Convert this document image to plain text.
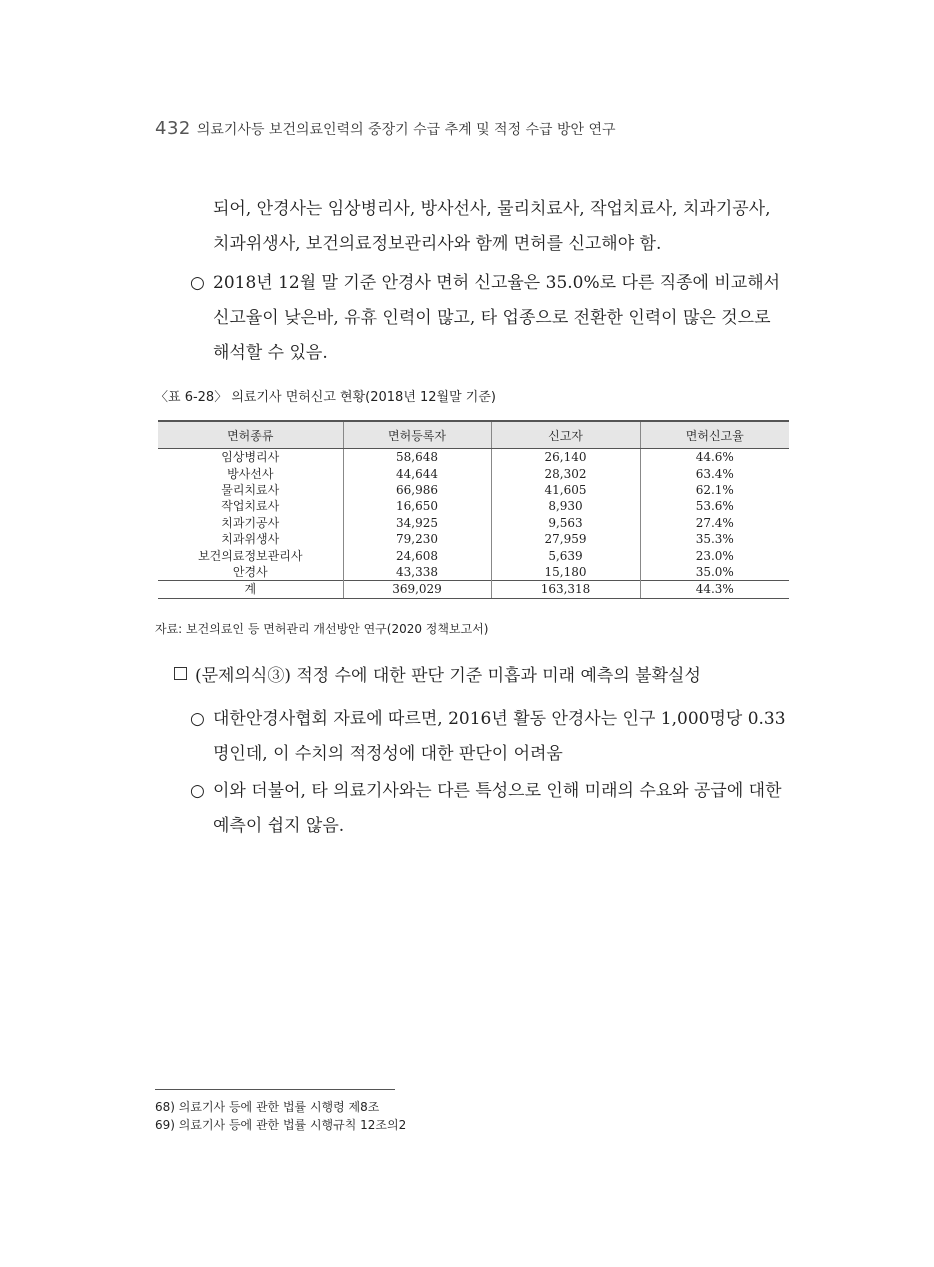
432 의료기사등 보건의료인력의 중장기 수급 추계 및 적정 수급 방안 연구
되어, 안경사는 임상병리사, 방사선사, 물리치료사, 작업치료사, 치과기공사,
치과위생사, 보건의료정보관리사와 함께 면허를 신고해야 함.
○ 2018년 12월 말 기준 안경사 면허 신고율은 35.0%로 다른 직종에 비교해서
신고율이 낮은바, 유휴 인력이 많고, 타 업종으로 전환한 인력이 많은 것으로
해석할 수 있음.
〈표 6-28〉 의료기사 면허신고 현황(2018년 12월말 기준)
면허종류	면허등록자	신고자	면허신고율
임상병리사	58,648	26,140	44.6%
방사선사	44,644	28,302	63.4%
물리치료사	66,986	41,605	62.1%
작업치료사	16,650	8,930	53.6%
치과기공사	34,925	9,563	27.4%
치과위생사	79,230	27,959	35.3%
보건의료정보관리사	24,608	5,639	23.0%
안경사	43,338	15,180	35.0%
계	369,029	163,318	44.3%
자료: 보건의료인 등 면허관리 개선방안 연구(2020 정책보고서)
(문제의식③) 적정 수에 대한 판단 기준 미흡과 미래 예측의 불확실성
○ 대한안경사협회 자료에 따르면, 2016년 활동 안경사는 인구 1,000명당 0.33
명인데, 이 수치의 적정성에 대한 판단이 어려움
○ 이와 더불어, 타 의료기사와는 다른 특성으로 인해 미래의 수요와 공급에 대한
예측이 쉽지 않음.
68) 의료기사 등에 관한 법률 시행령 제8조
69) 의료기사 등에 관한 법률 시행규칙 12조의2
